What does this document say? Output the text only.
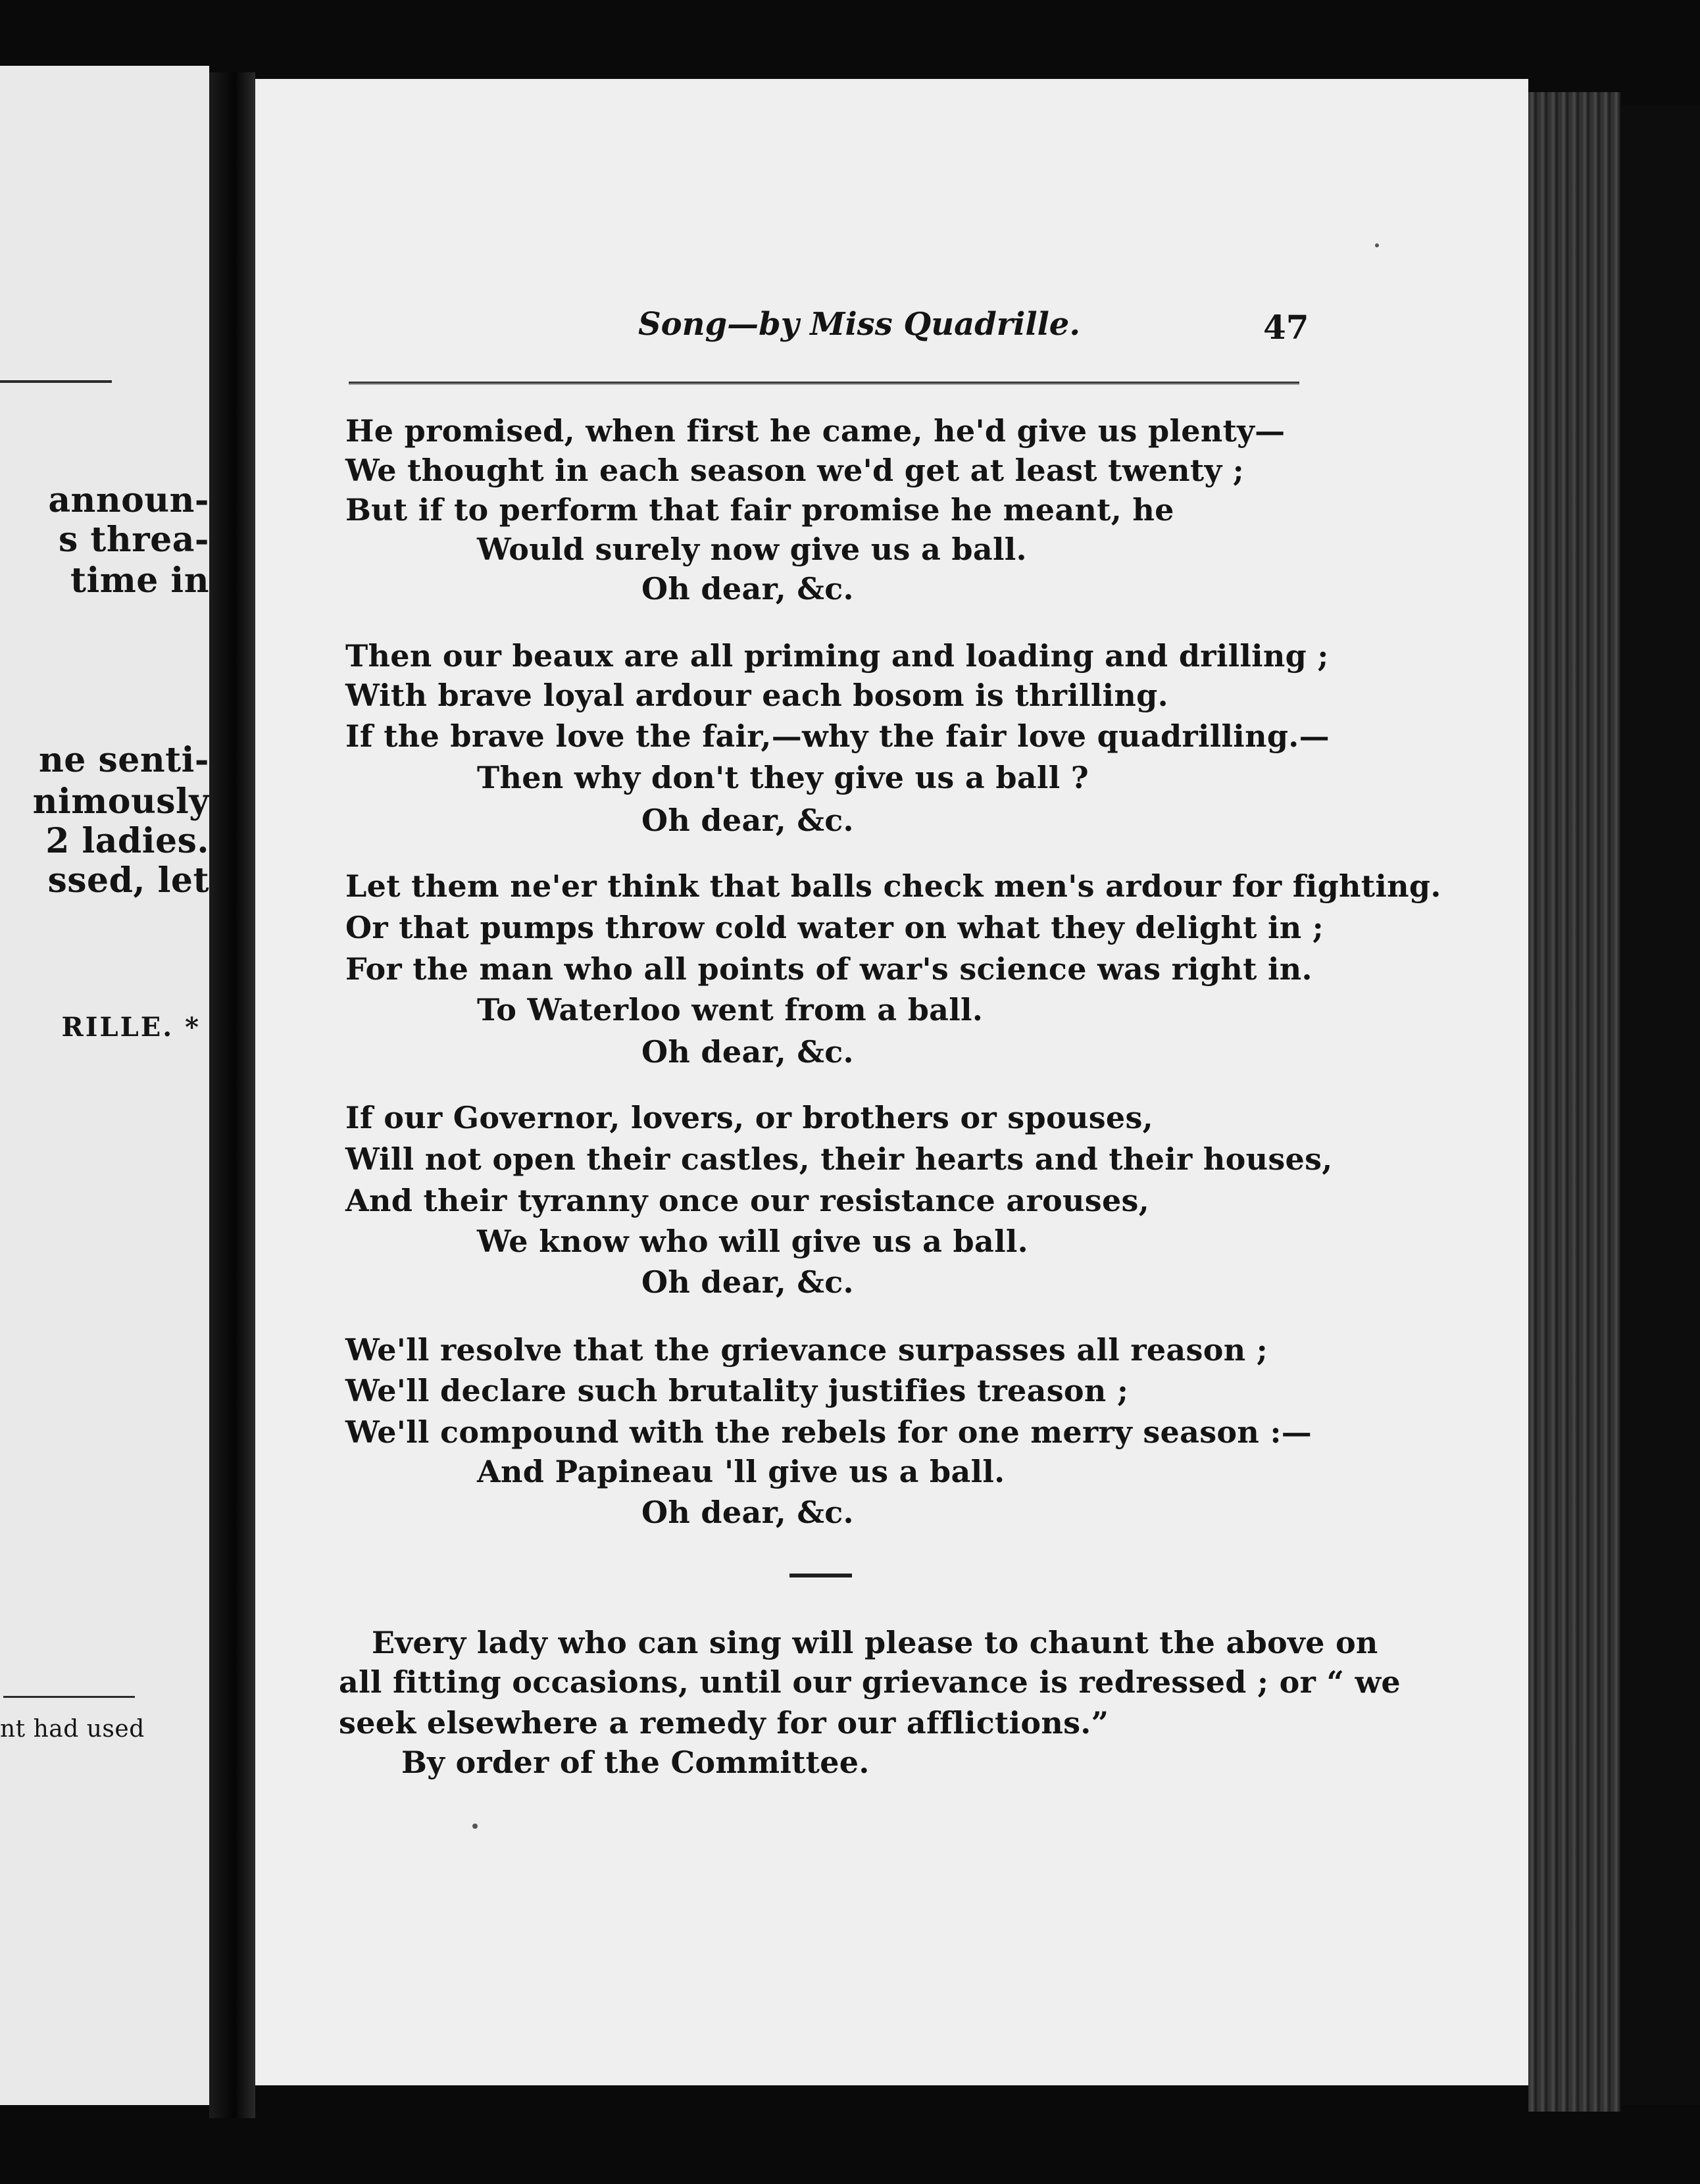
announ-
s threa-
time in
ne senti-
nimously
2 ladies.
ssed, let
RILLE. *
nt had used
Song—by Miss Quadrille.	47
He promised, when first he came, he'd give us plenty—
We thought in each season we'd get at least twenty ;
But if to perform that fair promise he meant, he
Would surely now give us a ball.
Oh dear, &c.
Then our beaux are all priming and loading and drilling ;
With brave loyal ardour each bosom is thrilling.
If the brave love the fair,—why the fair love quadrilling.—
Then why don't they give us a ball ?
Oh dear, &c.
Let them ne'er think that balls check men's ardour for fighting.
Or that pumps throw cold water on what they delight in ;
For the man who all points of war's science was right in.
To Waterloo went from a ball.
Oh dear, &c.
If our Governor, lovers, or brothers or spouses,
Will not open their castles, their hearts and their houses,
And their tyranny once our resistance arouses,
We know who will give us a ball.
Oh dear, &c.
We'll resolve that the grievance surpasses all reason ;
We'll declare such brutality justifies treason ;
We'll compound with the rebels for one merry season :—
And Papineau 'll give us a ball.
Oh dear, &c.
Every lady who can sing will please to chaunt the above on
all fitting occasions, until our grievance is redressed ; or “ we
seek elsewhere a remedy for our afflictions.”
By order of the Committee.
